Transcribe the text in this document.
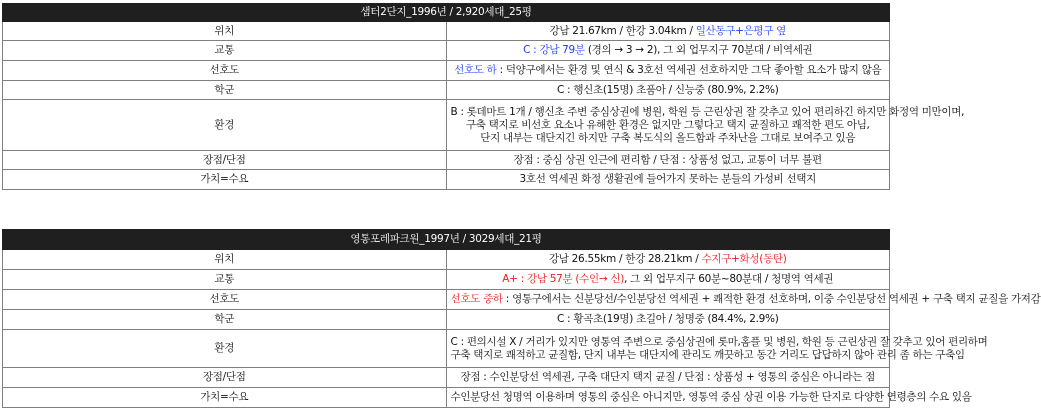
샘터2단지_1996년 / 2,920세대_25평	
위치	강남 21.67km / 한강 3.04km / 일산동구+은평구 옆
교통	C : 강남 79분 (경의 → 3 → 2), 그 외 업무지구 70분대 / 비역세권
선호도	선호도 하 : 덕양구에서는 환경 및 연식 & 3호선 역세권 선호하지만 그닥 좋아할 요소가 많지 않음
학군	C : 행신초(15명) 초품아 / 신능중 (80.9%, 2.2%)
환경	B : 롯데마트 1개 / 행신초 주변 중심상권에 병원, 학원 등 근린상권 잘 갖추고 있어 편리하긴 하지만 화정역 미만이며,
구축 택지로 비선호 요소나 유해한 환경은 없지만 그렇다고 택지 균질하고 쾌적한 편도 아님,
단지 내부는 대단지긴 하지만 구축 복도식의 올드함과 주차난을 그대로 보여주고 있음

장점/단점	장점 : 중심 상권 인근에 편리함 / 단점 : 상품성 없고, 교통이 너무 불편
가치=수요	3호선 역세권 화정 생활권에 들어가지 못하는 분들의 가성비 선택지
영통포레파크원_1997년 / 3029세대_21평	
위치	강남 26.55km / 한강 28.21km / 수지구+화성(동탄)
교통	A+ : 강남 57분 (수인→ 신), 그 외 업무지구 60분~80분대 / 청명역 역세권
선호도	선호도 중하 : 영통구에서는 신분당선/수인분당선 역세권 + 쾌적한 환경 선호하며, 이중 수인분당선 역세권 + 구축 택지 균질을 가져감
학군	C : 황곡초(19명) 초길아 / 청명중 (84.4%, 2.9%)
환경	C : 편의시설 X / 거리가 있지만 영통역 주변으로 중심상권에 롯마,홈플 및 병원, 학원 등 근린상권 잘 갖추고 있어 편리하며
구축 택지로 쾌적하고 균질함, 단지 내부는 대단지에 관리도 깨끗하고 동간 거리도 답답하지 않아 관리 좀 하는 구축임

장점/단점	장점 : 수인분당선 역세권, 구축 대단지 택지 균질 / 단점 : 상품성 + 영통의 중심은 아니라는 점
가치=수요	수인분당선 청명역 이용하며 영통의 중심은 아니지만, 영통역 중심 상권 이용 가능한 단지로 다양한 연령층의 수요 있음
